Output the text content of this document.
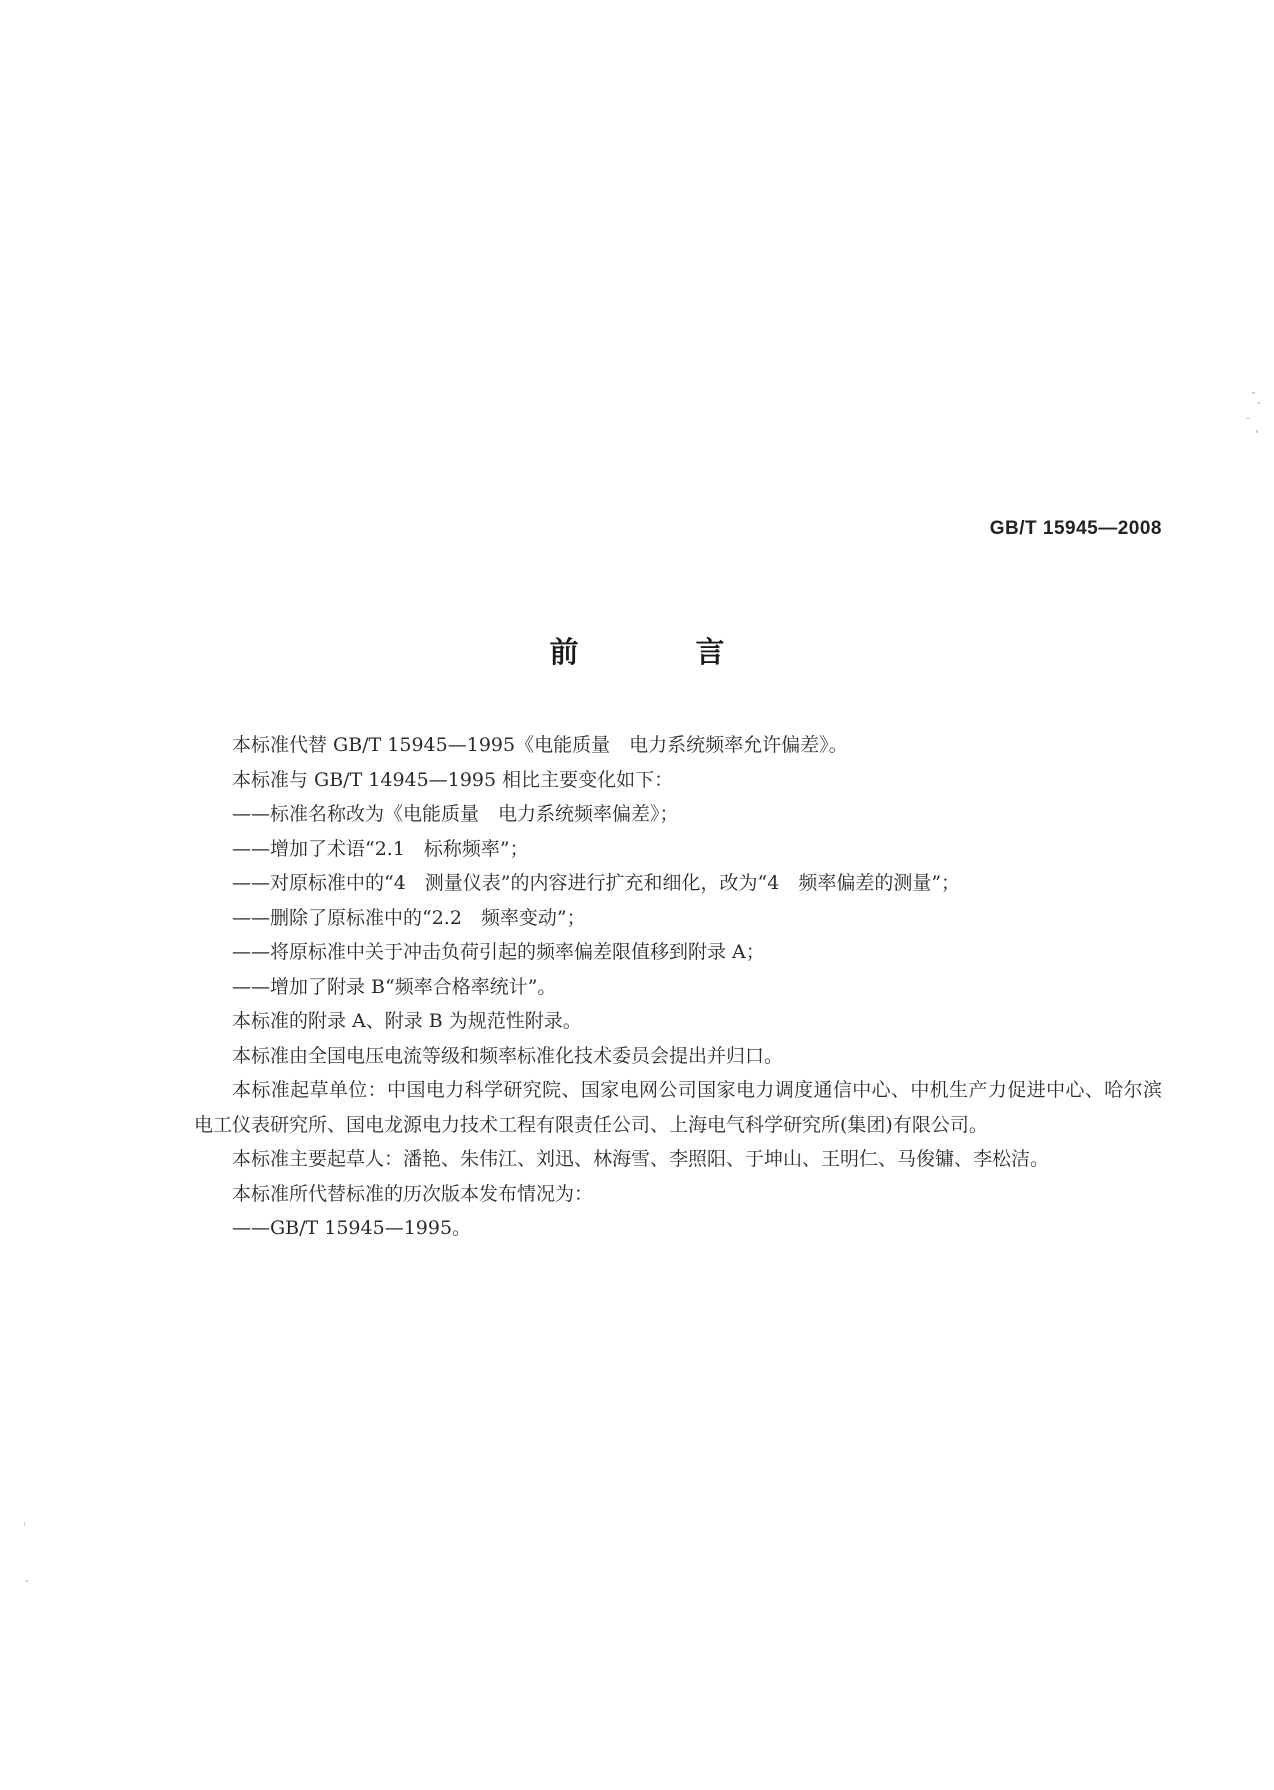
GB/T 15945—2008
前　言

本标准代替 GB/T 15945—1995《电能质量　电力系统频率允许偏差》。

本标准与 GB/T 14945—1995 相比主要变化如下：

——标准名称改为《电能质量　电力系统频率偏差》；

——增加了术语“2.1　标称频率”；

——对原标准中的“4　测量仪表”的内容进行扩充和细化，改为“4　频率偏差的测量”；

——删除了原标准中的“2.2　频率变动”；

——将原标准中关于冲击负荷引起的频率偏差限值移到附录 A；

——增加了附录 B“频率合格率统计”。

本标准的附录 A、附录 B 为规范性附录。

本标准由全国电压电流等级和频率标准化技术委员会提出并归口。

本标准起草单位：中国电力科学研究院、国家电网公司国家电力调度通信中心、中机生产力促进中心、哈尔滨电工仪表研究所、国电龙源电力技术工程有限责任公司、上海电气科学研究所(集团)有限公司。

本标准主要起草人：潘艳、朱伟江、刘迅、林海雪、李照阳、于坤山、王明仁、马俊镛、李松洁。

本标准所代替标准的历次版本发布情况为：

——GB/T 15945—1995。
